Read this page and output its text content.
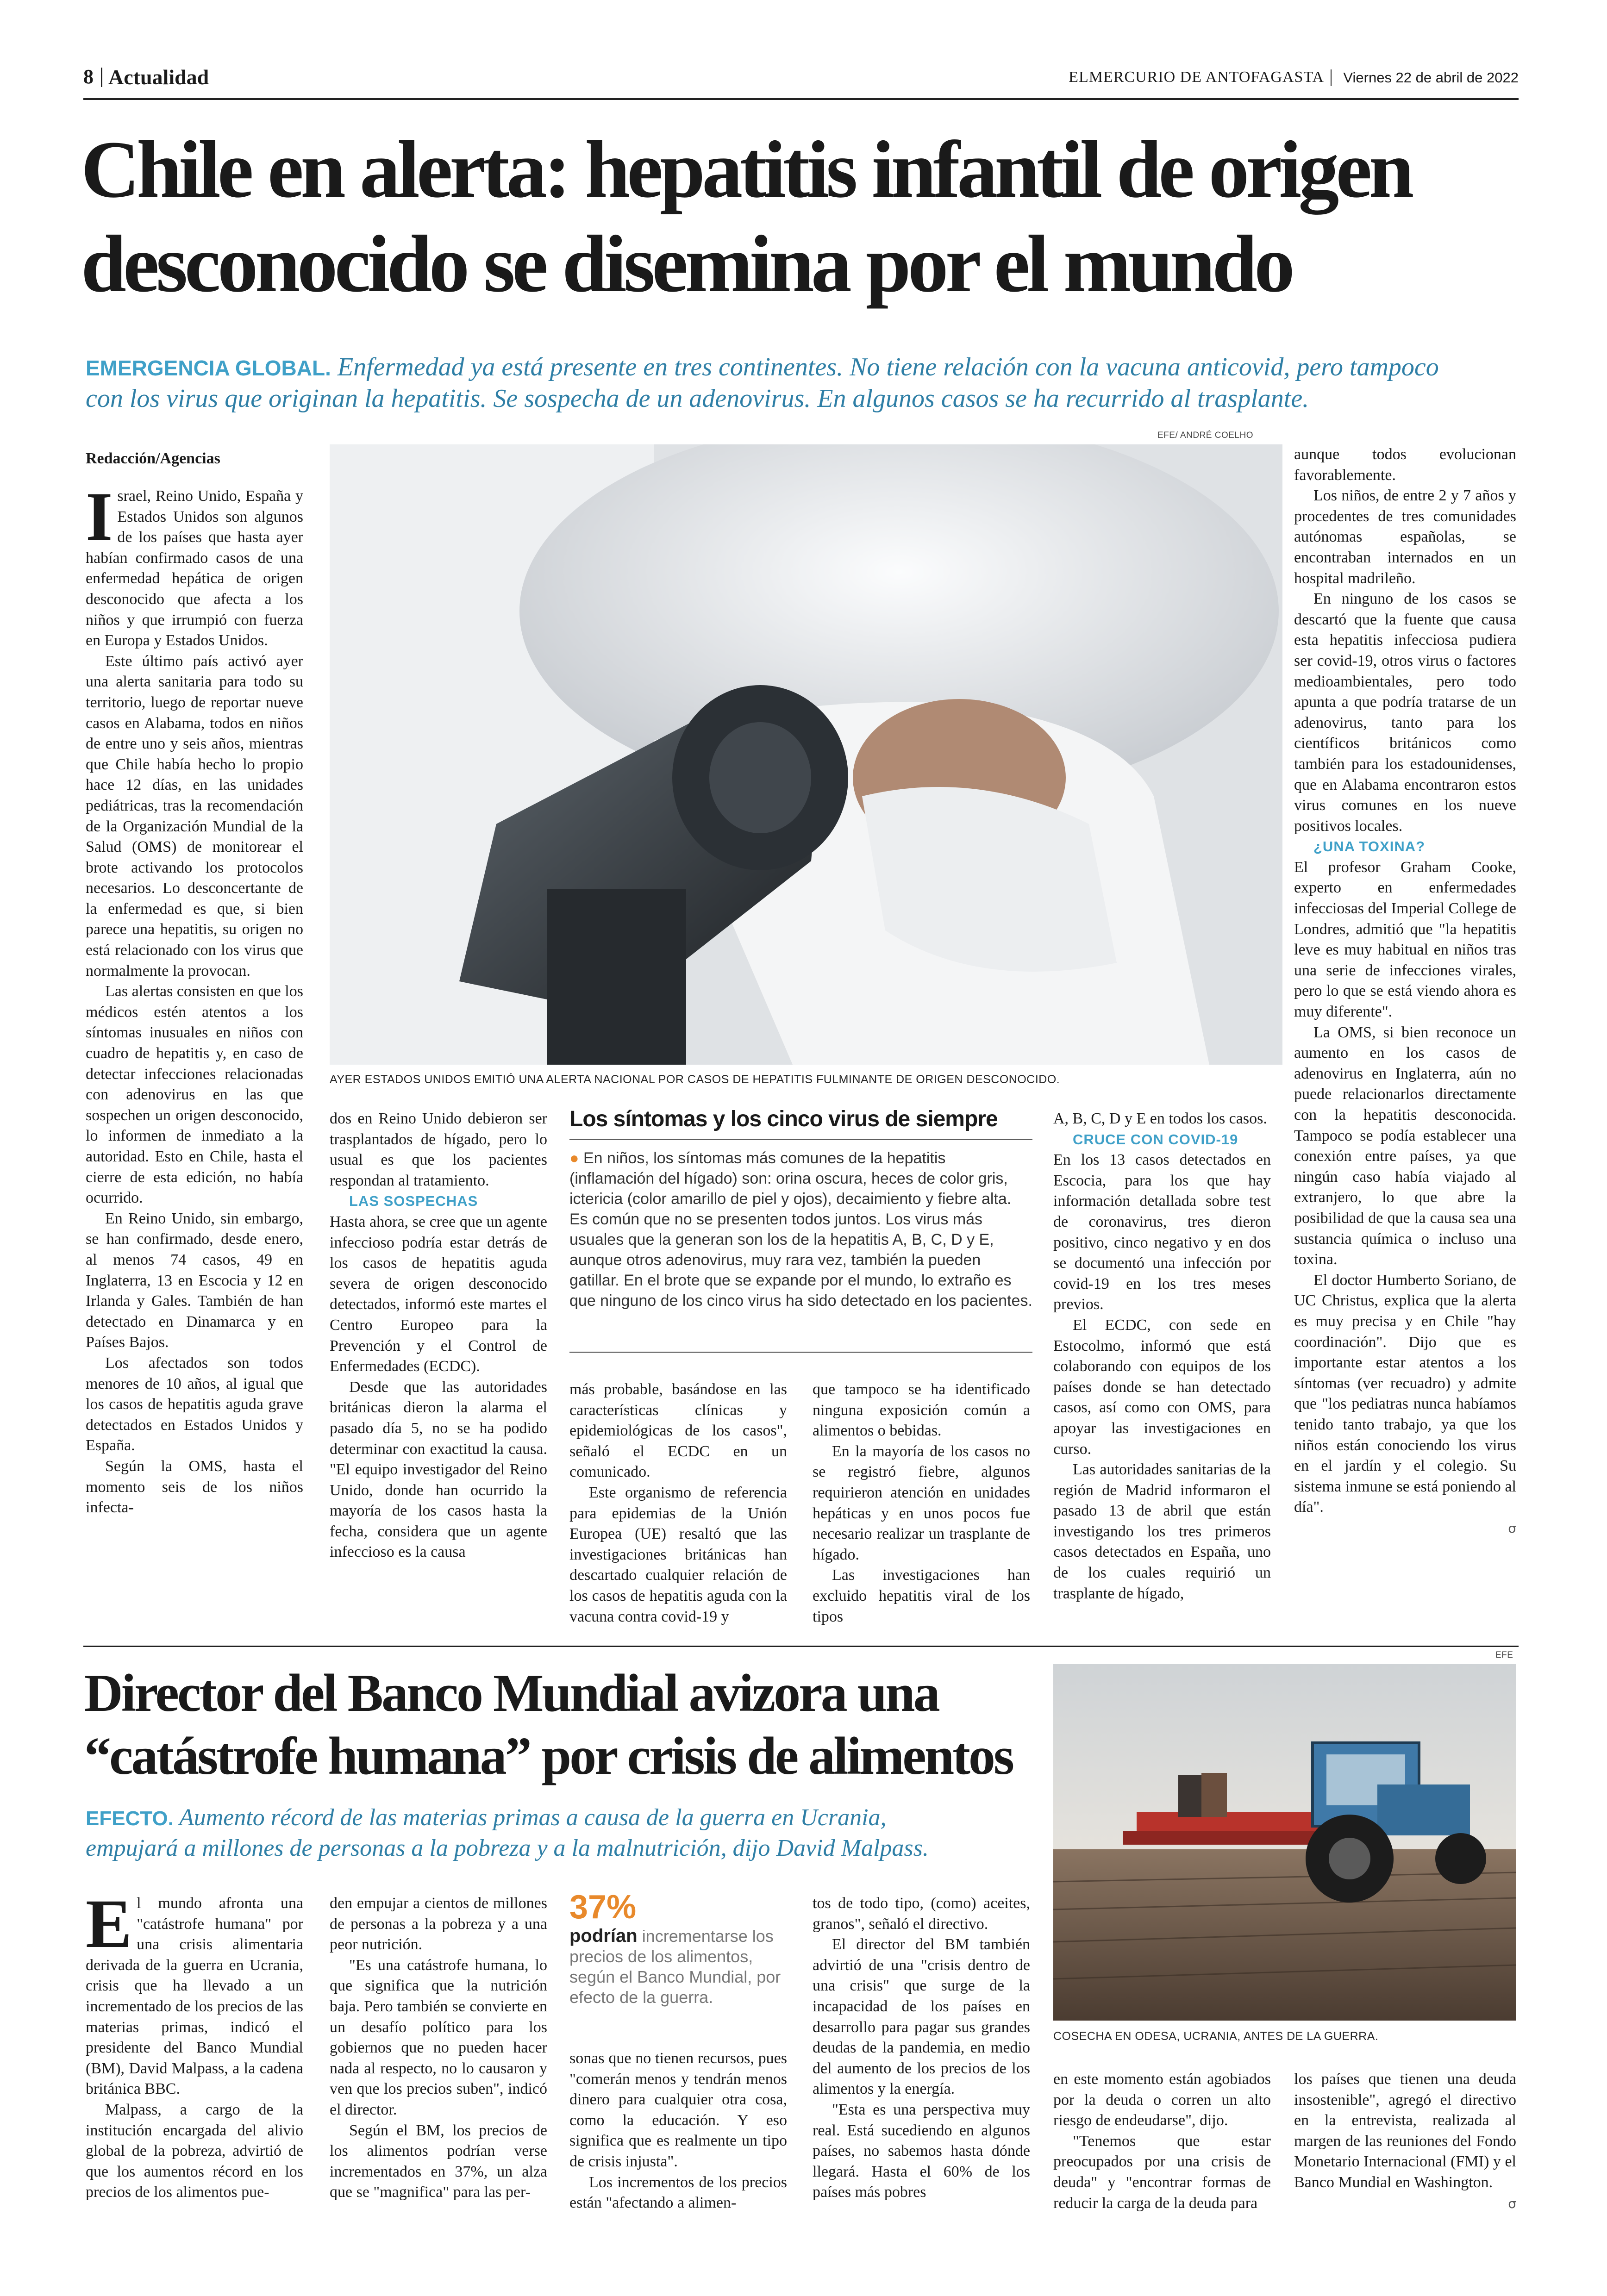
8 Actualidad	ELMERCURIO DE ANTOFAGASTA Viernes 22 de abril de 2022
Chile en alerta: hepatitis infantil de origen
desconocido se disemina por el mundo
EMERGENCIA GLOBAL. Enfermedad ya está presente en tres continentes. No tiene relación con la vacuna anticovid, pero tampoco
con los virus que originan la hepatitis. Se sospecha de un adenovirus. En algunos casos se ha recurrido al trasplante.
Redacción/Agencias
EFE/ ANDRÉ COELHO
AYER ESTADOS UNIDOS EMITIÓ UNA ALERTA NACIONAL POR CASOS DE HEPATITIS FULMINANTE DE ORIGEN DESCONOCIDO.

Israel, Reino Unido, España y Estados Unidos son algunos de los países que hasta ayer habían confirmado casos de una enfermedad hepática de origen desconocido que afecta a los niños y que irrumpió con fuerza en Europa y Estados Unidos.

Este último país activó ayer una alerta sanitaria para todo su territorio, luego de reportar nueve casos en Alabama, todos en niños de entre uno y seis años, mientras que Chile había hecho lo propio hace 12 días, en las unidades pediátricas, tras la recomendación de la Organización Mundial de la Salud (OMS) de monitorear el brote activando los protocolos necesarios. Lo desconcertante de la enfermedad es que, si bien parece una hepatitis, su origen no está relacionado con los virus que normalmente la provocan.

Las alertas consisten en que los médicos estén atentos a los síntomas inusuales en niños con cuadro de hepatitis y, en caso de detectar infecciones relacionadas con adenovirus en las que sospechen un origen desconocido, lo informen de inmediato a la autoridad. Esto en Chile, hasta el cierre de esta edición, no había ocurrido.

En Reino Unido, sin embargo, se han confirmado, desde enero, al menos 74 casos, 49 en Inglaterra, 13 en Escocia y 12 en Irlanda y Gales. También de han detectado en Dinamarca y en Países Bajos.

Los afectados son todos menores de 10 años, al igual que los casos de hepatitis aguda grave detectados en Estados Unidos y España.

Según la OMS, hasta el momento seis de los niños infecta-

dos en Reino Unido debieron ser trasplantados de hígado, pero lo usual es que los pacientes respondan al tratamiento.

LAS SOSPECHAS

Hasta ahora, se cree que un agente infeccioso podría estar detrás de los casos de hepatitis aguda severa de origen desconocido detectados, informó este martes el Centro Europeo para la Prevención y el Control de Enfermedades (ECDC).

Desde que las autoridades británicas dieron la alarma el pasado día 5, no se ha podido determinar con exactitud la causa. "El equipo investigador del Reino Unido, donde han ocurrido la mayoría de los casos hasta la fecha, considera que un agente infeccioso es la causa

Los síntomas y los cinco virus de siempre
● En niños, los síntomas más comunes de la hepatitis (inflamación del hígado) son: orina oscura, heces de color gris, ictericia (color amarillo de piel y ojos), decaimiento y fiebre alta. Es común que no se presenten todos juntos. Los virus más usuales que la generan son los de la hepatitis A, B, C, D y E, aunque otros adenovirus, muy rara vez, también la pueden gatillar. En el brote que se expande por el mundo, lo extraño es que ninguno de los cinco virus ha sido detectado en los pacientes.

más probable, basándose en las características clínicas y epidemiológicas de los casos", señaló el ECDC en un comunicado.

Este organismo de referencia para epidemias de la Unión Europea (UE) resaltó que las investigaciones británicas han descartado cualquier relación de los casos de hepatitis aguda con la vacuna contra covid-19 y

que tampoco se ha identificado ninguna exposición común a alimentos o bebidas.

En la mayoría de los casos no se registró fiebre, algunos requirieron atención en unidades hepáticas y en unos pocos fue necesario realizar un trasplante de hígado.

Las investigaciones han excluido hepatitis viral de los tipos

A, B, C, D y E en todos los casos.

CRUCE CON COVID-19

En los 13 casos detectados en Escocia, para los que hay información detallada sobre test de coronavirus, tres dieron positivo, cinco negativo y en dos se documentó una infección por covid-19 en los tres meses previos.

El ECDC, con sede en Estocolmo, informó que está colaborando con equipos de los países donde se han detectado casos, así como con OMS, para apoyar las investigaciones en curso.

Las autoridades sanitarias de la región de Madrid informaron el pasado 13 de abril que están investigando los tres primeros casos detectados en España, uno de los cuales requirió un trasplante de hígado,

aunque todos evolucionan favorablemente.

Los niños, de entre 2 y 7 años y procedentes de tres comunidades autónomas españolas, se encontraban internados en un hospital madrileño.

En ninguno de los casos se descartó que la fuente que causa esta hepatitis infecciosa pudiera ser covid-19, otros virus o factores medioambientales, pero todo apunta a que podría tratarse de un adenovirus, tanto para los científicos británicos como también para los estadounidenses, que en Alabama encontraron estos virus comunes en los nueve positivos locales.

¿UNA TOXINA?

El profesor Graham Cooke, experto en enfermedades infecciosas del Imperial College de Londres, admitió que "la hepatitis leve es muy habitual en niños tras una serie de infecciones virales, pero lo que se está viendo ahora es muy diferente".

La OMS, si bien reconoce un aumento en los casos de adenovirus en Inglaterra, aún no puede relacionarlos directamente con la hepatitis desconocida. Tampoco se podía establecer una conexión entre países, ya que ningún caso había viajado al extranjero, lo que abre la posibilidad de que la causa sea una sustancia química o incluso una toxina.

El doctor Humberto Soriano, de UC Christus, explica que la alerta es muy precisa y en Chile "hay coordinación". Dijo que es importante estar atentos a los síntomas (ver recuadro) y admite que "los pediatras nunca habíamos tenido tanto trabajo, ya que los niños están conociendo los virus en el jardín y el colegio. Su sistema inmune se está poniendo al día".

σ

Director del Banco Mundial avizora una
“catástrofe humana” por crisis de alimentos
EFECTO. Aumento récord de las materias primas a causa de la guerra en Ucrania,
empujará a millones de personas a la pobreza y a la malnutrición, dijo David Malpass.
EFE
COSECHA EN ODESA, UCRANIA, ANTES DE LA GUERRA.

El mundo afronta una "catástrofe humana" por una crisis alimentaria derivada de la guerra en Ucrania, crisis que ha llevado a un incrementado de los precios de las materias primas, indicó el presidente del Banco Mundial (BM), David Malpass, a la cadena británica BBC.

Malpass, a cargo de la institución encargada del alivio global de la pobreza, advirtió de que los aumentos récord en los precios de los alimentos pue-

den empujar a cientos de millones de personas a la pobreza y a una peor nutrición.

"Es una catástrofe humana, lo que significa que la nutrición baja. Pero también se convierte en un desafío político para los gobiernos que no pueden hacer nada al respecto, no lo causaron y ven que los precios suben", indicó el director.

Según el BM, los precios de los alimentos podrían verse incrementados en 37%, un alza que se "magnifica" para las per-

37%
podrían incrementarse los precios de los alimentos, según el Banco Mundial, por efecto de la guerra.

sonas que no tienen recursos, pues "comerán menos y tendrán menos dinero para cualquier otra cosa, como la educación. Y eso significa que es realmente un tipo de crisis injusta".

Los incrementos de los precios están "afectando a alimen-

tos de todo tipo, (como) aceites, granos", señaló el directivo.

El director del BM también advirtió de una "crisis dentro de una crisis" que surge de la incapacidad de los países en desarrollo para pagar sus grandes deudas de la pandemia, en medio del aumento de los precios de los alimentos y la energía.

"Esta es una perspectiva muy real. Está sucediendo en algunos países, no sabemos hasta dónde llegará. Hasta el 60% de los países más pobres

en este momento están agobiados por la deuda o corren un alto riesgo de endeudarse", dijo.

"Tenemos que estar preocupados por una crisis de deuda" y "encontrar formas de reducir la carga de la deuda para

los países que tienen una deuda insostenible", agregó el directivo en la entrevista, realizada al margen de las reuniones del Fondo Monetario Internacional (FMI) y el Banco Mundial en Washington.

σ
